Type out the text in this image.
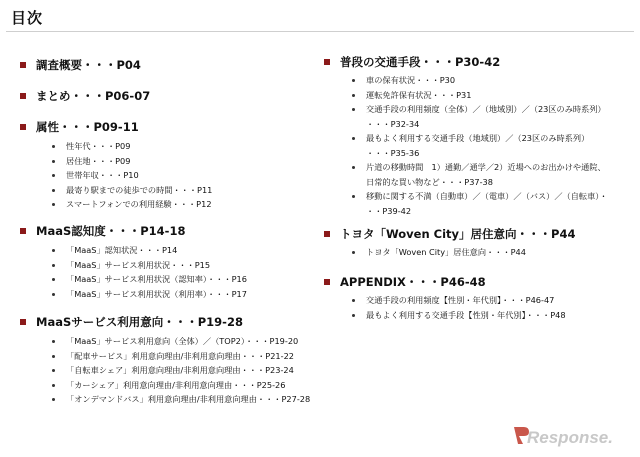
目次
調査概要・・・P04
まとめ・・・P06-07
属性・・・P09-11
性年代・・・P09
居住地・・・P09
世帯年収・・・P10
最寄り駅までの徒歩での時間・・・P11
スマートフォンでの利用経験・・・P12
MaaS認知度・・・P14-18
「MaaS」認知状況・・・P14
「MaaS」サービス利用状況・・・P15
「MaaS」サービス利用状況（認知率）・・・P16
「MaaS」サービス利用状況（利用率）・・・P17
MaaSサービス利用意向・・・P19-28
「MaaS」サービス利用意向（全体）／（TOP2）・・・P19-20
「配車サービス」利用意向理由/非利用意向理由・・・P21-22
「自転車シェア」利用意向理由/非利用意向理由・・・P23-24
「カーシェア」利用意向理由/非利用意向理由・・・P25-26
「オンデマンドバス」利用意向理由/非利用意向理由・・・P27-28
普段の交通手段・・・P30-42
車の保有状況・・・P30
運転免許保有状況・・・P31
交通手段の利用頻度（全体）／（地域別）／（23区のみ時系列）
・・・P32-34
最もよく利用する交通手段（地域別）／（23区のみ時系列）
・・・P35-36
片道の移動時間　1）通勤／通学／2）近場へのお出かけや通院、
日常的な買い物など・・・P37-38
移動に関する不満（自動車）／（電車）／（バス）／（自転車）・
・・P39-42
トヨタ「Woven City」居住意向・・・P44
トヨタ「Woven City」居住意向・・・P44
APPENDIX・・・P46-48
交通手段の利用頻度【性別・年代別】・・・P46-47
最もよく利用する交通手段【性別・年代別】・・・P48
Response.
